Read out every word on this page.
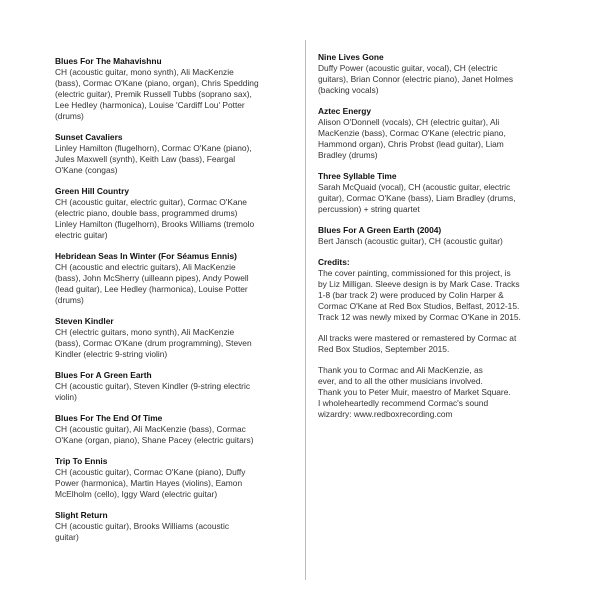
Blues For The Mahavishnu
CH (acoustic guitar, mono synth), Ali MacKenzie
(bass), Cormac O'Kane (piano, organ), Chris Spedding
(electric guitar), Premik Russell Tubbs (soprano sax),
Lee Hedley (harmonica), Louise 'Cardiff Lou' Potter
(drums)
Sunset Cavaliers
Linley Hamilton (flugelhorn), Cormac O'Kane (piano),
Jules Maxwell (synth), Keith Law (bass), Feargal
O'Kane (congas)
Green Hill Country
CH (acoustic guitar, electric guitar), Cormac O'Kane
(electric piano, double bass, programmed drums)
Linley Hamilton (flugelhorn), Brooks Williams (tremolo
electric guitar)
Hebridean Seas In Winter (For Séamus Ennis)
CH (acoustic and electric guitars), Ali MacKenzie
(bass), John McSherry (uilleann pipes), Andy Powell
(lead guitar), Lee Hedley (harmonica), Louise Potter
(drums)
Steven Kindler
CH (electric guitars, mono synth), Ali MacKenzie
(bass), Cormac O'Kane (drum programming), Steven
Kindler (electric 9-string violin)
Blues For A Green Earth
CH (acoustic guitar), Steven Kindler (9-string electric
violin)
Blues For The End Of Time
CH (acoustic guitar), Ali MacKenzie (bass), Cormac
O'Kane (organ, piano), Shane Pacey (electric guitars)
Trip To Ennis
CH (acoustic guitar), Cormac O'Kane (piano), Duffy
Power (harmonica), Martin Hayes (violins), Eamon
McElholm (cello), Iggy Ward (electric guitar)
Slight Return
CH (acoustic guitar), Brooks Williams (acoustic
guitar)
Nine Lives Gone
Duffy Power (acoustic guitar, vocal), CH (electric
guitars), Brian Connor (electric piano), Janet Holmes
(backing vocals)
Aztec Energy
Alison O'Donnell (vocals), CH (electric guitar), Ali
MacKenzie (bass), Cormac O'Kane (electric piano,
Hammond organ), Chris Probst (lead guitar), Liam
Bradley (drums)
Three Syllable Time
Sarah McQuaid (vocal), CH (acoustic guitar, electric
guitar), Cormac O'Kane (bass), Liam Bradley (drums,
percussion) + string quartet
Blues For A Green Earth (2004)
Bert Jansch (acoustic guitar), CH (acoustic guitar)
Credits:
The cover painting, commissioned for this project, is
by Liz Milligan. Sleeve design is by Mark Case. Tracks
1-8 (bar track 2) were produced by Colin Harper &
Cormac O'Kane at Red Box Studios, Belfast, 2012-15.
Track 12 was newly mixed by Cormac O'Kane in 2015.
All tracks were mastered or remastered by Cormac at
Red Box Studios, September 2015.
Thank you to Cormac and Ali MacKenzie, as
ever, and to all the other musicians involved.
Thank you to Peter Muir, maestro of Market Square.
I wholeheartedly recommend Cormac's sound
wizardry: www.redboxrecording.com
